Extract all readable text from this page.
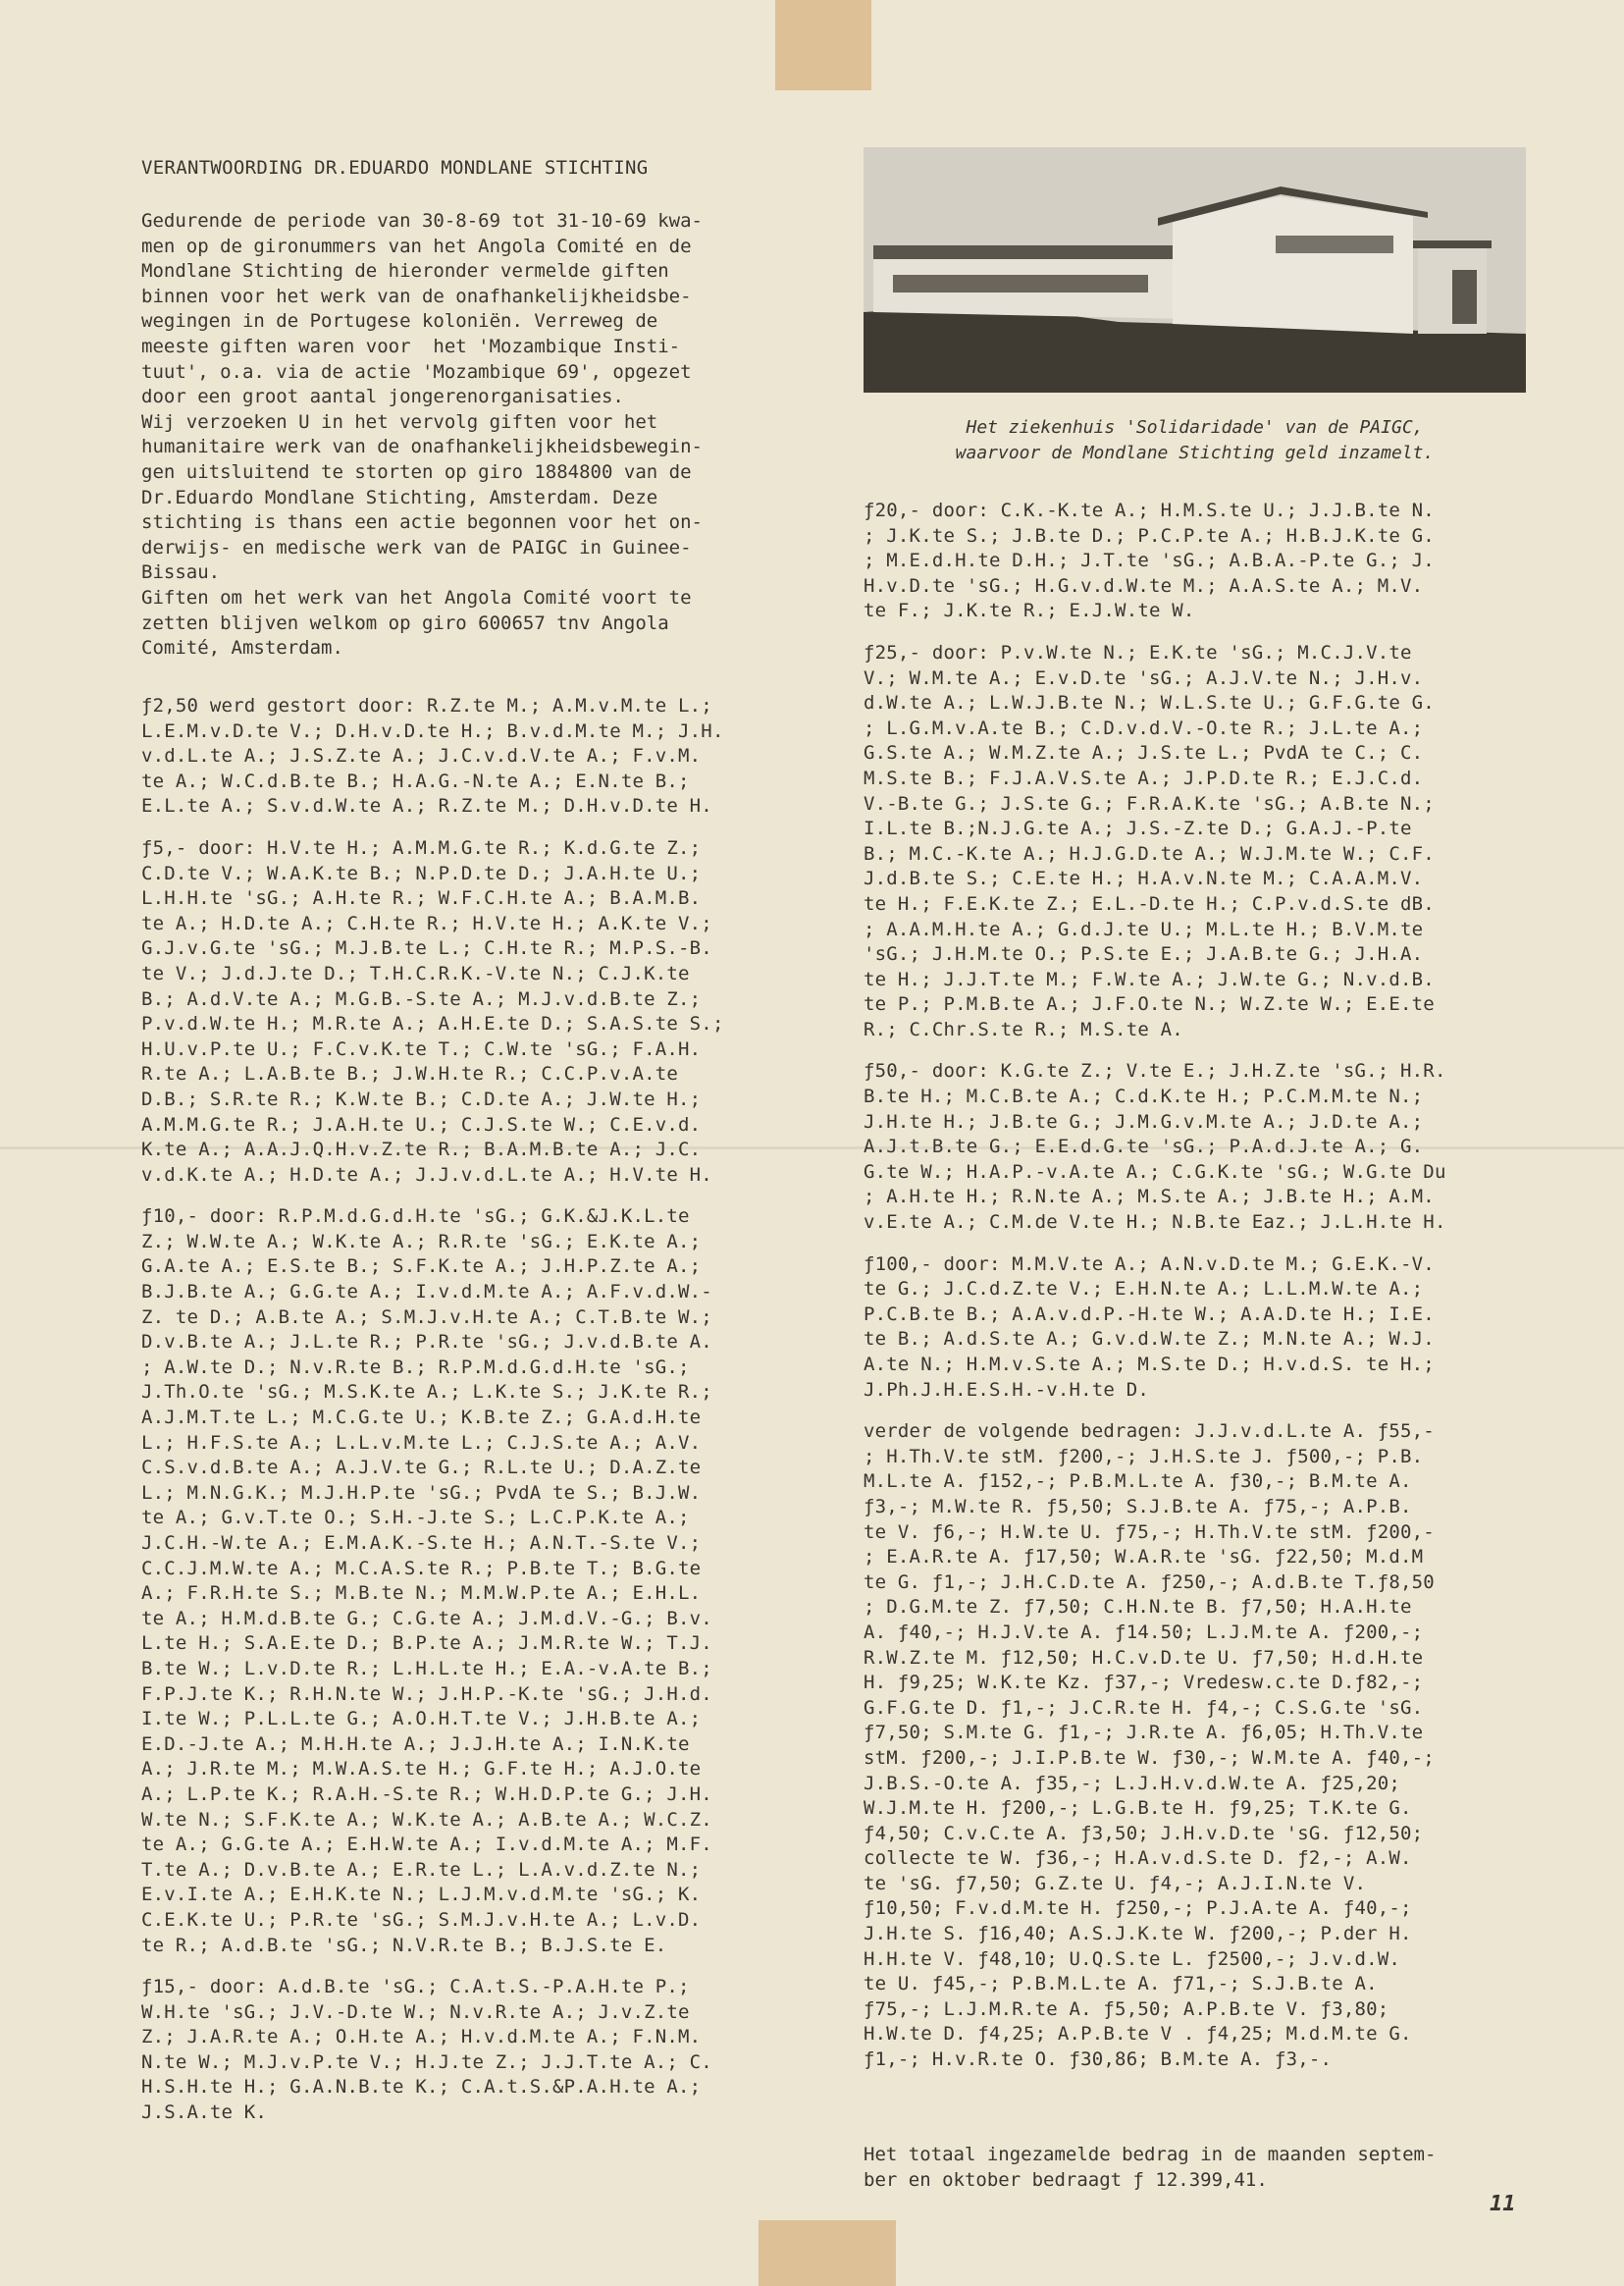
VERANTWOORDING DR.EDUARDO MONDLANE STICHTING
Gedurende de periode van 30-8-69 tot 31-10-69 kwa-
men op de gironummers van het Angola Comité en de
Mondlane Stichting de hieronder vermelde giften
binnen voor het werk van de onafhankelijkheidsbe-
wegingen in de Portugese koloniën. Verreweg de
meeste giften waren voor  het 'Mozambique Insti-
tuut', o.a. via de actie 'Mozambique 69', opgezet
door een groot aantal jongerenorganisaties.
Wij verzoeken U in het vervolg giften voor het
humanitaire werk van de onafhankelijkheidsbewegin-
gen uitsluitend te storten op giro 1884800 van de
Dr.Eduardo Mondlane Stichting, Amsterdam. Deze
stichting is thans een actie begonnen voor het on-
derwijs- en medische werk van de PAIGC in Guinee-
Bissau.
Giften om het werk van het Angola Comité voort te
zetten blijven welkom op giro 600657 tnv Angola
Comité, Amsterdam.

ƒ2,50 werd gestort door: R.Z.te M.; A.M.v.M.te L.;
L.E.M.v.D.te V.; D.H.v.D.te H.; B.v.d.M.te M.; J.H.
v.d.L.te A.; J.S.Z.te A.; J.C.v.d.V.te A.; F.v.M.
te A.; W.C.d.B.te B.; H.A.G.-N.te A.; E.N.te B.;
E.L.te A.; S.v.d.W.te A.; R.Z.te M.; D.H.v.D.te H.

ƒ5,- door: H.V.te H.; A.M.M.G.te R.; K.d.G.te Z.;
C.D.te V.; W.A.K.te B.; N.P.D.te D.; J.A.H.te U.;
L.H.H.te 'sG.; A.H.te R.; W.F.C.H.te A.; B.A.M.B.
te A.; H.D.te A.; C.H.te R.; H.V.te H.; A.K.te V.;
G.J.v.G.te 'sG.; M.J.B.te L.; C.H.te R.; M.P.S.-B.
te V.; J.d.J.te D.; T.H.C.R.K.-V.te N.; C.J.K.te
B.; A.d.V.te A.; M.G.B.-S.te A.; M.J.v.d.B.te Z.;
P.v.d.W.te H.; M.R.te A.; A.H.E.te D.; S.A.S.te S.;
H.U.v.P.te U.; F.C.v.K.te T.; C.W.te 'sG.; F.A.H.
R.te A.; L.A.B.te B.; J.W.H.te R.; C.C.P.v.A.te
D.B.; S.R.te R.; K.W.te B.; C.D.te A.; J.W.te H.;
A.M.M.G.te R.; J.A.H.te U.; C.J.S.te W.; C.E.v.d.
K.te A.; A.A.J.Q.H.v.Z.te R.; B.A.M.B.te A.; J.C.
v.d.K.te A.; H.D.te A.; J.J.v.d.L.te A.; H.V.te H.

ƒ10,- door: R.P.M.d.G.d.H.te 'sG.; G.K.&J.K.L.te
Z.; W.W.te A.; W.K.te A.; R.R.te 'sG.; E.K.te A.;
G.A.te A.; E.S.te B.; S.F.K.te A.; J.H.P.Z.te A.;
B.J.B.te A.; G.G.te A.; I.v.d.M.te A.; A.F.v.d.W.-
Z. te D.; A.B.te A.; S.M.J.v.H.te A.; C.T.B.te W.;
D.v.B.te A.; J.L.te R.; P.R.te 'sG.; J.v.d.B.te A.
; A.W.te D.; N.v.R.te B.; R.P.M.d.G.d.H.te 'sG.;
J.Th.O.te 'sG.; M.S.K.te A.; L.K.te S.; J.K.te R.;
A.J.M.T.te L.; M.C.G.te U.; K.B.te Z.; G.A.d.H.te
L.; H.F.S.te A.; L.L.v.M.te L.; C.J.S.te A.; A.V.
C.S.v.d.B.te A.; A.J.V.te G.; R.L.te U.; D.A.Z.te
L.; M.N.G.K.; M.J.H.P.te 'sG.; PvdA te S.; B.J.W.
te A.; G.v.T.te O.; S.H.-J.te S.; L.C.P.K.te A.;
J.C.H.-W.te A.; E.M.A.K.-S.te H.; A.N.T.-S.te V.;
C.C.J.M.W.te A.; M.C.A.S.te R.; P.B.te T.; B.G.te
A.; F.R.H.te S.; M.B.te N.; M.M.W.P.te A.; E.H.L.
te A.; H.M.d.B.te G.; C.G.te A.; J.M.d.V.-G.; B.v.
L.te H.; S.A.E.te D.; B.P.te A.; J.M.R.te W.; T.J.
B.te W.; L.v.D.te R.; L.H.L.te H.; E.A.-v.A.te B.;
F.P.J.te K.; R.H.N.te W.; J.H.P.-K.te 'sG.; J.H.d.
I.te W.; P.L.L.te G.; A.O.H.T.te V.; J.H.B.te A.;
E.D.-J.te A.; M.H.H.te A.; J.J.H.te A.; I.N.K.te
A.; J.R.te M.; M.W.A.S.te H.; G.F.te H.; A.J.O.te
A.; L.P.te K.; R.A.H.-S.te R.; W.H.D.P.te G.; J.H.
W.te N.; S.F.K.te A.; W.K.te A.; A.B.te A.; W.C.Z.
te A.; G.G.te A.; E.H.W.te A.; I.v.d.M.te A.; M.F.
T.te A.; D.v.B.te A.; E.R.te L.; L.A.v.d.Z.te N.;
E.v.I.te A.; E.H.K.te N.; L.J.M.v.d.M.te 'sG.; K.
C.E.K.te U.; P.R.te 'sG.; S.M.J.v.H.te A.; L.v.D.
te R.; A.d.B.te 'sG.; N.V.R.te B.; B.J.S.te E.

ƒ15,- door: A.d.B.te 'sG.; C.A.t.S.-P.A.H.te P.;
W.H.te 'sG.; J.V.-D.te W.; N.v.R.te A.; J.v.Z.te
Z.; J.A.R.te A.; O.H.te A.; H.v.d.M.te A.; F.N.M.
N.te W.; M.J.v.P.te V.; H.J.te Z.; J.J.T.te A.; C.
H.S.H.te H.; G.A.N.B.te K.; C.A.t.S.&P.A.H.te A.;
J.S.A.te K.

Het ziekenhuis 'Solidaridade' van de PAIGC,
waarvoor de Mondlane Stichting geld inzamelt.

ƒ20,- door: C.K.-K.te A.; H.M.S.te U.; J.J.B.te N.
; J.K.te S.; J.B.te D.; P.C.P.te A.; H.B.J.K.te G.
; M.E.d.H.te D.H.; J.T.te 'sG.; A.B.A.-P.te G.; J.
H.v.D.te 'sG.; H.G.v.d.W.te M.; A.A.S.te A.; M.V.
te F.; J.K.te R.; E.J.W.te W.

ƒ25,- door: P.v.W.te N.; E.K.te 'sG.; M.C.J.V.te
V.; W.M.te A.; E.v.D.te 'sG.; A.J.V.te N.; J.H.v.
d.W.te A.; L.W.J.B.te N.; W.L.S.te U.; G.F.G.te G.
; L.G.M.v.A.te B.; C.D.v.d.V.-O.te R.; J.L.te A.;
G.S.te A.; W.M.Z.te A.; J.S.te L.; PvdA te C.; C.
M.S.te B.; F.J.A.V.S.te A.; J.P.D.te R.; E.J.C.d.
V.-B.te G.; J.S.te G.; F.R.A.K.te 'sG.; A.B.te N.;
I.L.te B.;N.J.G.te A.; J.S.-Z.te D.; G.A.J.-P.te
B.; M.C.-K.te A.; H.J.G.D.te A.; W.J.M.te W.; C.F.
J.d.B.te S.; C.E.te H.; H.A.v.N.te M.; C.A.A.M.V.
te H.; F.E.K.te Z.; E.L.-D.te H.; C.P.v.d.S.te dB.
; A.A.M.H.te A.; G.d.J.te U.; M.L.te H.; B.V.M.te
'sG.; J.H.M.te O.; P.S.te E.; J.A.B.te G.; J.H.A.
te H.; J.J.T.te M.; F.W.te A.; J.W.te G.; N.v.d.B.
te P.; P.M.B.te A.; J.F.O.te N.; W.Z.te W.; E.E.te
R.; C.Chr.S.te R.; M.S.te A.

ƒ50,- door: K.G.te Z.; V.te E.; J.H.Z.te 'sG.; H.R.
B.te H.; M.C.B.te A.; C.d.K.te H.; P.C.M.M.te N.;
J.H.te H.; J.B.te G.; J.M.G.v.M.te A.; J.D.te A.;
A.J.t.B.te G.; E.E.d.G.te 'sG.; P.A.d.J.te A.; G.
G.te W.; H.A.P.-v.A.te A.; C.G.K.te 'sG.; W.G.te Du
; A.H.te H.; R.N.te A.; M.S.te A.; J.B.te H.; A.M.
v.E.te A.; C.M.de V.te H.; N.B.te Eaz.; J.L.H.te H.

ƒ100,- door: M.M.V.te A.; A.N.v.D.te M.; G.E.K.-V.
te G.; J.C.d.Z.te V.; E.H.N.te A.; L.L.M.W.te A.;
P.C.B.te B.; A.A.v.d.P.-H.te W.; A.A.D.te H.; I.E.
te B.; A.d.S.te A.; G.v.d.W.te Z.; M.N.te A.; W.J.
A.te N.; H.M.v.S.te A.; M.S.te D.; H.v.d.S. te H.;
J.Ph.J.H.E.S.H.-v.H.te D.

verder de volgende bedragen: J.J.v.d.L.te A. ƒ55,-
; H.Th.V.te stM. ƒ200,-; J.H.S.te J. ƒ500,-; P.B.
M.L.te A. ƒ152,-; P.B.M.L.te A. ƒ30,-; B.M.te A.
ƒ3,-; M.W.te R. ƒ5,50; S.J.B.te A. ƒ75,-; A.P.B.
te V. ƒ6,-; H.W.te U. ƒ75,-; H.Th.V.te stM. ƒ200,-
; E.A.R.te A. ƒ17,50; W.A.R.te 'sG. ƒ22,50; M.d.M
te G. ƒ1,-; J.H.C.D.te A. ƒ250,-; A.d.B.te T.ƒ8,50
; D.G.M.te Z. ƒ7,50; C.H.N.te B. ƒ7,50; H.A.H.te
A. ƒ40,-; H.J.V.te A. ƒ14.50; L.J.M.te A. ƒ200,-;
R.W.Z.te M. ƒ12,50; H.C.v.D.te U. ƒ7,50; H.d.H.te
H. ƒ9,25; W.K.te Kz. ƒ37,-; Vredesw.c.te D.ƒ82,-;
G.F.G.te D. ƒ1,-; J.C.R.te H. ƒ4,-; C.S.G.te 'sG.
ƒ7,50; S.M.te G. ƒ1,-; J.R.te A. ƒ6,05; H.Th.V.te
stM. ƒ200,-; J.I.P.B.te W. ƒ30,-; W.M.te A. ƒ40,-;
J.B.S.-O.te A. ƒ35,-; L.J.H.v.d.W.te A. ƒ25,20;
W.J.M.te H. ƒ200,-; L.G.B.te H. ƒ9,25; T.K.te G.
ƒ4,50; C.v.C.te A. ƒ3,50; J.H.v.D.te 'sG. ƒ12,50;
collecte te W. ƒ36,-; H.A.v.d.S.te D. ƒ2,-; A.W.
te 'sG. ƒ7,50; G.Z.te U. ƒ4,-; A.J.I.N.te V.
ƒ10,50; F.v.d.M.te H. ƒ250,-; P.J.A.te A. ƒ40,-;
J.H.te S. ƒ16,40; A.S.J.K.te W. ƒ200,-; P.der H.
H.H.te V. ƒ48,10; U.Q.S.te L. ƒ2500,-; J.v.d.W.
te U. ƒ45,-; P.B.M.L.te A. ƒ71,-; S.J.B.te A.
ƒ75,-; L.J.M.R.te A. ƒ5,50; A.P.B.te V. ƒ3,80;
H.W.te D. ƒ4,25; A.P.B.te V . ƒ4,25; M.d.M.te G.
ƒ1,-; H.v.R.te O. ƒ30,86; B.M.te A. ƒ3,-.

Het totaal ingezamelde bedrag in de maanden septem-
ber en oktober bedraagt ƒ 12.399,41.
11
